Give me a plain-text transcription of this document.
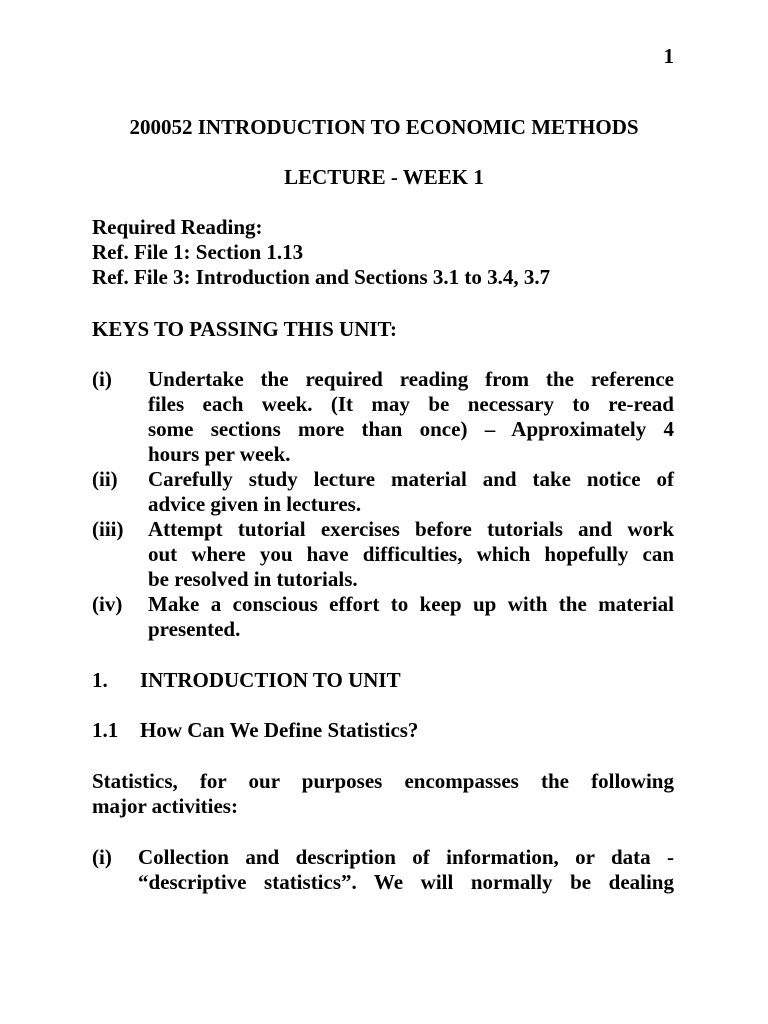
1
200052 INTRODUCTION TO ECONOMIC METHODS
LECTURE - WEEK 1
Required Reading:
Ref. File 1: Section 1.13
Ref. File 3: Introduction and Sections 3.1 to 3.4, 3.7
KEYS TO PASSING THIS UNIT:
(i) Undertake the required reading from the reference
files each week. (It may be necessary to re-read
some sections more than once) – Approximately 4
hours per week.
(ii) Carefully study lecture material and take notice of
advice given in lectures.
(iii) Attempt tutorial exercises before tutorials and work
out where you have difficulties, which hopefully can
be resolved in tutorials.
(iv) Make a conscious effort to keep up with the material
presented.
1. INTRODUCTION TO UNIT
1.1 How Can We Define Statistics?
Statistics, for our purposes encompasses the following
major activities:
(i) Collection and description of information, or data -
“descriptive statistics”. We will normally be dealing
